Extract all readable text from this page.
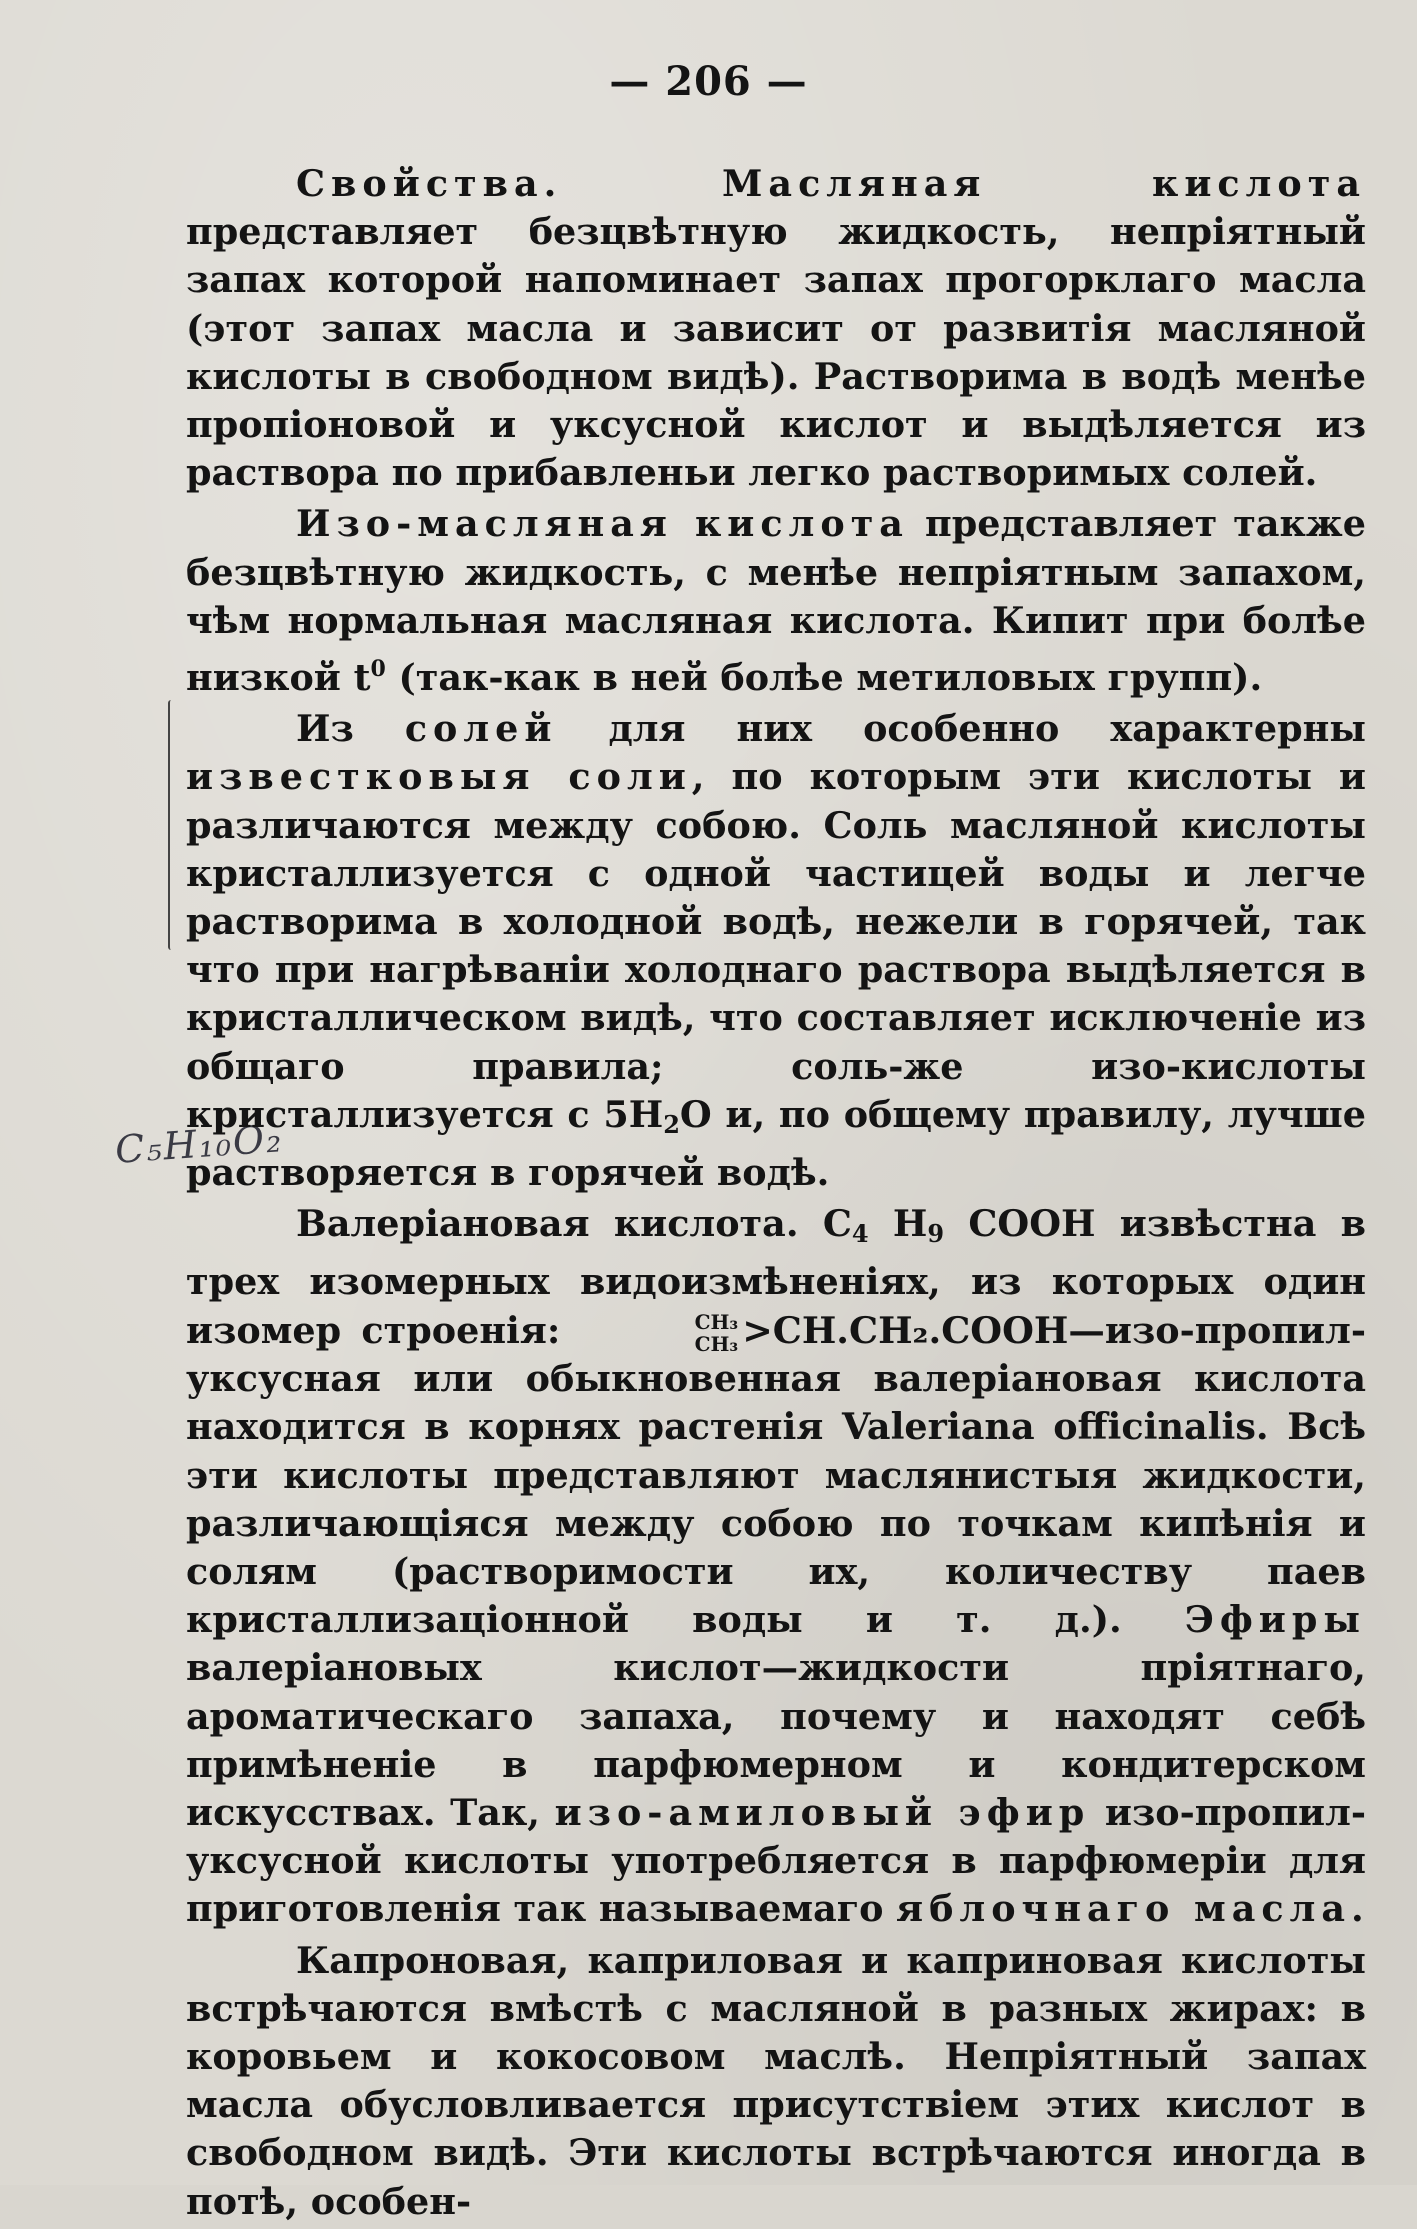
— 206 —
C₅H₁₀O₂

Свойства.	Масляная кислота представляет безцвѣтную жидкость, непріятный запах которой напоминает запах прогорклаго масла (этот запах масла и зависит от развитія масляной кислоты в свободном видѣ). Растворима в водѣ менѣе пропіоновой и уксусной кислот и выдѣляется из раствора по прибавленьи легко растворимых солей.

Изо-масляная кислота представляет также безцвѣтную жидкость, с менѣе непріятным запахом, чѣм нормальная масляная кислота. Кипит при болѣе низкой $t^0$ (так-как в ней болѣе метиловых групп).

Из солей для них особенно характерны известковыя соли, по которым эти кислоты и различаются между собою. Соль масляной кислоты кристаллизуется с одной частицей воды и легче растворима в холодной водѣ, нежели в горячей, так что при нагрѣваніи холоднаго раствора выдѣляется в кристаллическом видѣ, что составляет исключеніе из общаго правила; соль-же изо-кислоты кристаллизуется с $5H_2O$ и, по общему правилу, лучше растворяется в горячей водѣ.

Валеріановая кислота. $C_4$ $H_9$ COOH извѣстна в трех изомерных видоизмѣненіях, из которых один изомер строенія:	CH₃
CH₃ >CH.CH₂.COOH—изо-пропил-уксусная или обыкновенная валеріановая кислота находится в корнях растенія Valeriana officinalis. Всѣ эти кислоты представляют маслянистыя жидкости, различающіяся между собою по точкам кипѣнія и солям (растворимости их, количеству паев кристаллизаціонной воды и т. д.). Эфиры валеріановых кислот—жидкости пріятнаго, ароматическаго запаха, почему и находят себѣ примѣненіе в парфюмерном и кондитерском искусствах. Так, изо-амиловый эфир изо-пропил-уксусной кислоты употребляется в парфюмеріи для приготовленія так называемаго яблочнаго масла.

Капроновая, каприловая и каприновая кислоты встрѣчаются вмѣстѣ с масляной в разных жирах: в коровьем и кокосовом маслѣ. Непріятный запах масла обусловливается присутствіем этих кислот в свободном видѣ. Эти кислоты встрѣчаются иногда в потѣ, особен-
